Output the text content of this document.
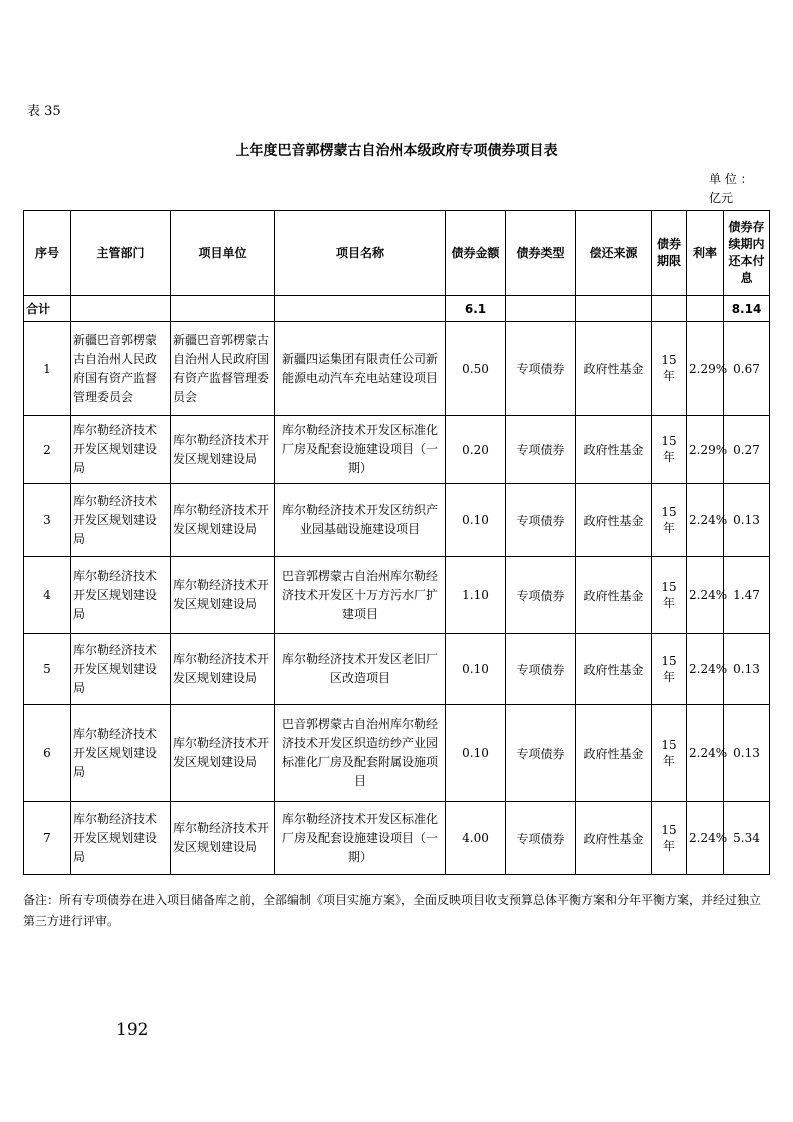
表 35
上年度巴音郭楞蒙古自治州本级政府专项债券项目表
单 位 ：
亿元
序号	主管部门	项目单位	项目名称	债券金额	债券类型	偿还来源	债券期限	利率	债券存续期内还本付息
合计				6.1					8.14
1	新疆巴音郭楞蒙古自治州人民政府国有资产监督管理委员会	新疆巴音郭楞蒙古自治州人民政府国有资产监督管理委员会	新疆四运集团有限责任公司新能源电动汽车充电站建设项目	0.50	专项债券	政府性基金	15 年	2.29%	0.67
2	库尔勒经济技术开发区规划建设局	库尔勒经济技术开发区规划建设局	库尔勒经济技术开发区标准化厂房及配套设施建设项目（一期）	0.20	专项债券	政府性基金	15 年	2.29%	0.27
3	库尔勒经济技术开发区规划建设局	库尔勒经济技术开发区规划建设局	库尔勒经济技术开发区纺织产业园基础设施建设项目	0.10	专项债券	政府性基金	15 年	2.24%	0.13
4	库尔勒经济技术开发区规划建设局	库尔勒经济技术开发区规划建设局	巴音郭楞蒙古自治州库尔勒经济技术开发区十万方污水厂扩建项目	1.10	专项债券	政府性基金	15 年	2.24%	1.47
5	库尔勒经济技术开发区规划建设局	库尔勒经济技术开发区规划建设局	库尔勒经济技术开发区老旧厂区改造项目	0.10	专项债券	政府性基金	15 年	2.24%	0.13
6	库尔勒经济技术开发区规划建设局	库尔勒经济技术开发区规划建设局	巴音郭楞蒙古自治州库尔勒经济技术开发区织造纺纱产业园标准化厂房及配套附属设施项目	0.10	专项债券	政府性基金	15 年	2.24%	0.13
7	库尔勒经济技术开发区规划建设局	库尔勒经济技术开发区规划建设局	库尔勒经济技术开发区标准化厂房及配套设施建设项目（一期）	4.00	专项债券	政府性基金	15 年	2.24%	5.34
备注：所有专项债券在进入项目储备库之前，全部编制《项目实施方案》，全面反映项目收支预算总体平衡方案和分年平衡方案，并经过独立第三方进行评审。
192
